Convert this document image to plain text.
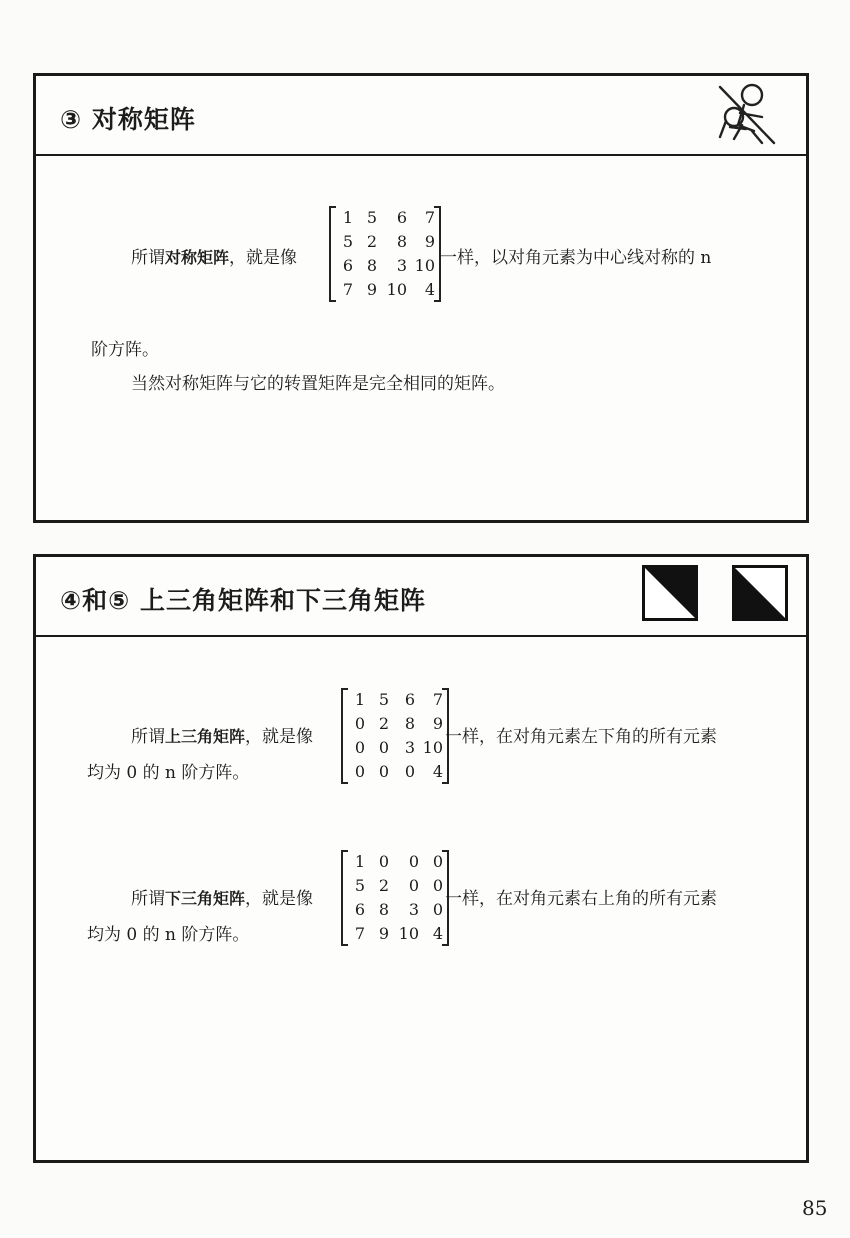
③ 对称矩阵
所谓对称矩阵，就是像
1 5	6	7
5 2	8	9
6 8	3 10
7 9 10	4
一样，以对角元素为中心线对称的 n
阶方阵。
当然对称矩阵与它的转置矩阵是完全相同的矩阵。
④和⑤ 上三角矩阵和下三角矩阵
所谓上三角矩阵，就是像
1 5 6	7
0 2 8	9
0 0 3 10
0 0 0	4
一样，在对角元素左下角的所有元素
均为 0 的 n 阶方阵。
所谓下三角矩阵，就是像
1 0	0 0
5 2	0 0
6 8	3 0
7 9 10 4
一样，在对角元素右上角的所有元素
均为 0 的 n 阶方阵。
85
